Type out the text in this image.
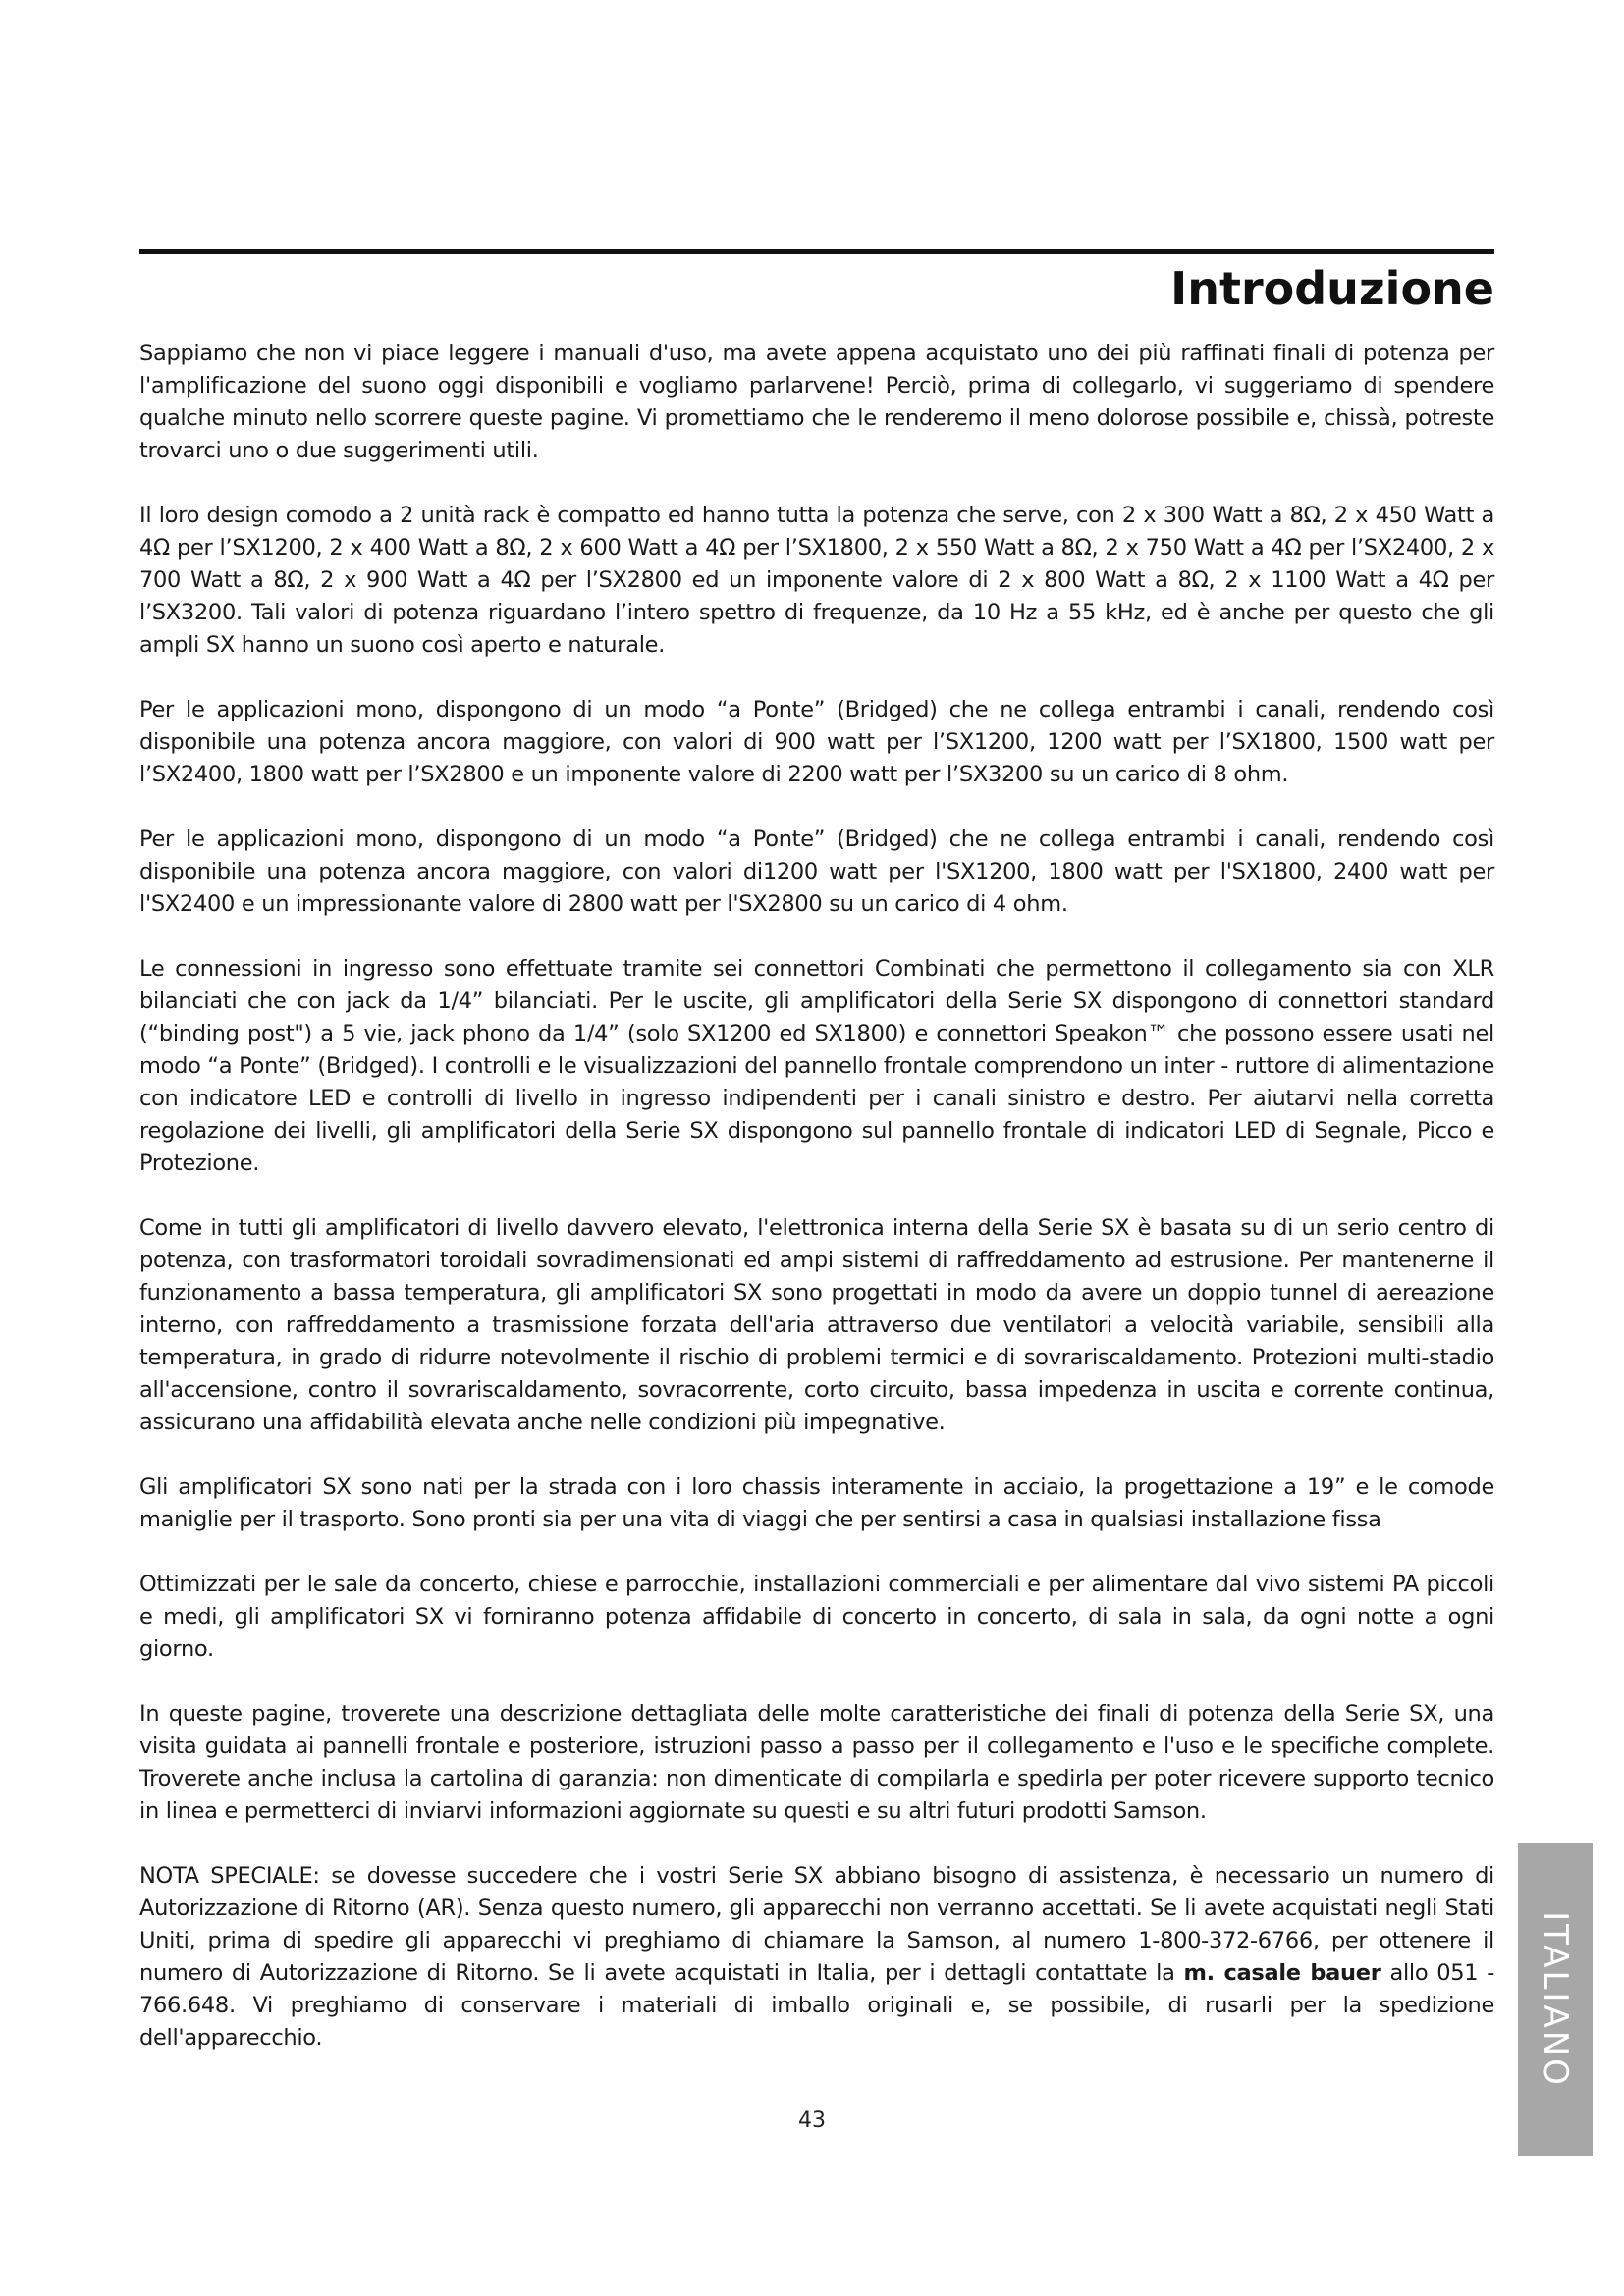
Introduzione

Sappiamo che non vi piace leggere i manuali d'uso, ma avete appena acquistato uno dei più raffinati finali di potenza per l'amplificazione del suono oggi disponibili e vogliamo parlarvene! Perciò, prima di collegarlo, vi suggeriamo di spendere qualche minuto nello scorrere queste pagine. Vi promettiamo che le renderemo il meno dolorose possibile e, chissà, potreste trovarci uno o due suggerimenti utili.

Il loro design comodo a 2 unità rack è compatto ed hanno tutta la potenza che serve, con 2 x 300 Watt a 8Ω, 2 x 450 Watt a 4Ω per l’SX1200, 2 x 400 Watt a 8Ω, 2 x 600 Watt a 4Ω per l’SX1800, 2 x 550 Watt a 8Ω, 2 x 750 Watt a 4Ω per l’SX2400, 2 x 700 Watt a 8Ω, 2 x 900 Watt a 4Ω per l’SX2800 ed un imponente valore di 2 x 800 Watt a 8Ω, 2 x 1100 Watt a 4Ω per l’SX3200. Tali valori di potenza riguardano l’intero spettro di frequenze, da 10 Hz a 55 kHz, ed è anche per questo che gli ampli SX hanno un suono così aperto e naturale.

Per le applicazioni mono, dispongono di un modo “a Ponte” (Bridged) che ne collega entrambi i canali, rendendo così disponibile una potenza ancora maggiore, con valori di 900 watt per l’SX1200, 1200 watt per l’SX1800, 1500 watt per l’SX2400, 1800 watt per l’SX2800 e un imponente valore di 2200 watt per l’SX3200 su un carico di 8 ohm.

Per le applicazioni mono, dispongono di un modo “a Ponte” (Bridged) che ne collega entrambi i canali, rendendo così disponibile una potenza ancora maggiore, con valori di1200 watt per l'SX1200, 1800 watt per l'SX1800, 2400 watt per l'SX2400 e un impressionante valore di 2800 watt per l'SX2800 su un carico di 4 ohm.

Le connessioni in ingresso sono effettuate tramite sei connettori Combinati che permettono il collegamento sia con XLR bilanciati che con jack da 1/4” bilanciati. Per le uscite, gli amplificatori della Serie SX dispongono di connettori standard (“binding post") a 5 vie, jack phono da 1/4” (solo SX1200 ed SX1800) e connettori Speakon™ che possono essere usati nel modo “a Ponte” (Bridged). I controlli e le visualizzazioni del pannello frontale comprendono un inter - ruttore di alimentazione con indicatore LED e controlli di livello in ingresso indipendenti per i canali sinistro e destro. Per aiutarvi nella corretta regolazione dei livelli, gli amplificatori della Serie SX dispongono sul pannello frontale di indicatori LED di Segnale, Picco e Protezione.

Come in tutti gli amplificatori di livello davvero elevato, l'elettronica interna della Serie SX è basata su di un serio centro di potenza, con trasformatori toroidali sovradimensionati ed ampi sistemi di raffreddamento ad estrusione. Per mantenerne il funzionamento a bassa temperatura, gli amplificatori SX sono progettati in modo da avere un doppio tunnel di aereazione interno, con raffreddamento a trasmissione forzata dell'aria attraverso due ventilatori a velocità variabile, sensibili alla temperatura, in grado di ridurre notevolmente il rischio di problemi termici e di sovrariscaldamento. Protezioni multi-stadio all'accensione, contro il sovrariscaldamento, sovracorrente, corto circuito, bassa impedenza in uscita e corrente continua, assicurano una affidabilità elevata anche nelle condizioni più impegnative.

Gli amplificatori SX sono nati per la strada con i loro chassis interamente in acciaio, la progettazione a 19” e le comode maniglie per il trasporto. Sono pronti sia per una vita di viaggi che per sentirsi a casa in qualsiasi installazione fissa

Ottimizzati per le sale da concerto, chiese e parrocchie, installazioni commerciali e per alimentare dal vivo sistemi PA piccoli e medi, gli amplificatori SX vi forniranno potenza affidabile di concerto in concerto, di sala in sala, da ogni notte a ogni giorno.

In queste pagine, troverete una descrizione dettagliata delle molte caratteristiche dei finali di potenza della Serie SX, una visita guidata ai pannelli frontale e posteriore, istruzioni passo a passo per il collegamento e l'uso e le specifiche complete. Troverete anche inclusa la cartolina di garanzia: non dimenticate di compilarla e spedirla per poter ricevere supporto tecnico in linea e permetterci di inviarvi informazioni aggiornate su questi e su altri futuri prodotti Samson.

NOTA SPECIALE: se dovesse succedere che i vostri Serie SX abbiano bisogno di assistenza, è necessario un numero di Autorizzazione di Ritorno (AR). Senza questo numero, gli apparecchi non verranno accettati. Se li avete acquistati negli Stati Uniti, prima di spedire gli apparecchi vi preghiamo di chiamare la Samson, al numero 1-800-372-6766, per ottenere il numero di Autorizzazione di Ritorno. Se li avete acquistati in Italia, per i dettagli contattate la m. casale bauer allo 051 - 766.648. Vi preghiamo di conservare i materiali di imballo originali e, se possibile, di rusarli per la spedizione dell'apparecchio.	ITALIANO
43
